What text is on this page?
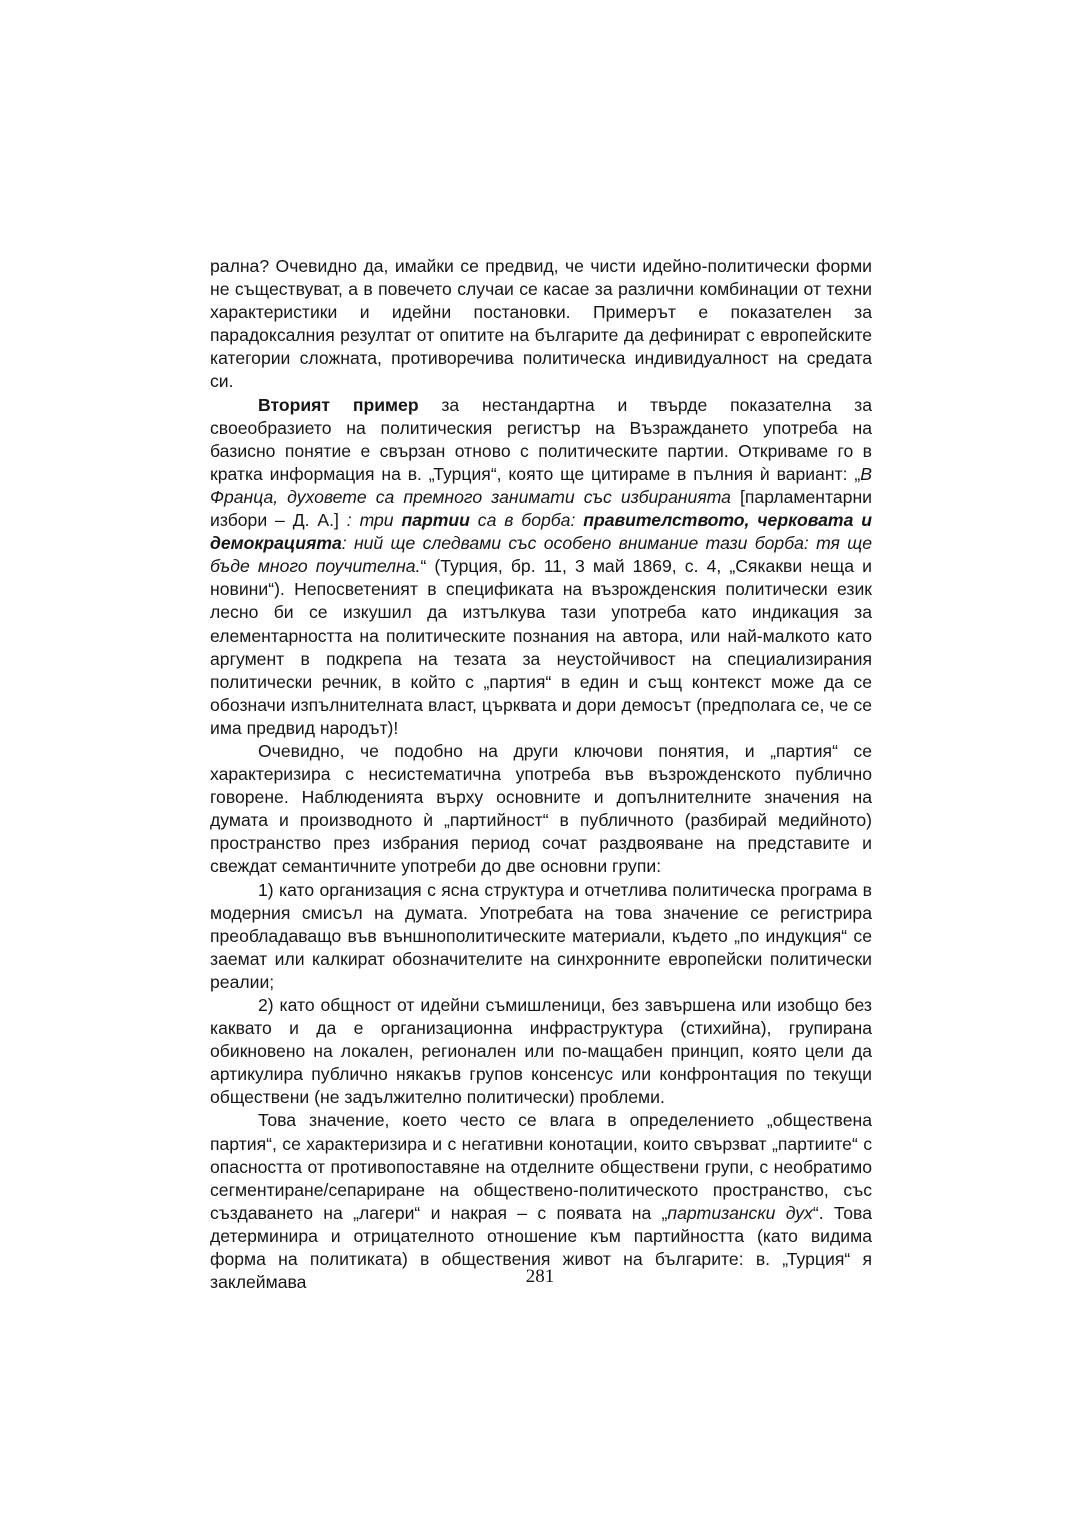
рална? Очевидно да, имайки се предвид, че чисти идейно-политически форми не съществуват, а в повечето случаи се касае за различни комбинации от техни характеристики и идейни постановки. Примерът е показателен за парадоксалния резултат от опитите на българите да дефинират с европейските категории сложната, противоречива политическа индивидуалност на средата си.

Вторият пример за нестандартна и твърде показателна за своеобразието на политическия регистър на Възраждането употреба на базисно понятие е свързан отново с политическите партии. Откриваме го в кратка информация на в. „Турция“, която ще цитираме в пълния ѝ вариант: „В Франца, духовете са премного занимати със избиранията [парламентарни избори – Д. А.] : три партии са в борба: правителството, черковата и демокрацията: ний ще следвами със особено внимание тази борба: тя ще бъде много поучителна.“ (Турция, бр. 11, 3 май 1869, с. 4, „Сякакви неща и новини“). Непосветеният в спецификата на възрожденския политически език лесно би се изкушил да изтълкува тази употреба като индикация за елементарността на политическите познания на автора, или най-малкото като аргумент в подкрепа на тезата за неустойчивост на специализирания политически речник, в който с „партия“ в един и същ контекст може да се обозначи изпълнителната власт, църквата и дори демосът (предполага се, че се има предвид народът)!

Очевидно, че подобно на други ключови понятия, и „партия“ се характеризира с несистематична употреба във възрожденското публично говорене. Наблюденията върху основните и допълнителните значения на думата и производното ѝ „партийност“ в публичното (разбирай медийното) пространство през избрания период сочат раздвояване на представите и свеждат семантичните употреби до две основни групи:

1) като организация с ясна структура и отчетлива политическа програма в модерния смисъл на думата. Употребата на това значение се регистрира преобладаващо във външнополитическите материали, където „по индукция“ се заемат или калкират обозначителите на синхронните европейски политически реалии;

2) като общност от идейни съмишленици, без завършена или изобщо без каквато и да е организационна инфраструктура (стихийна), групирана обикновено на локален, регионален или по-мащабен принцип, която цели да артикулира публично някакъв групов консенсус или конфронтация по текущи обществени (не задължително политически) проблеми.

Това значение, което често се влага в определението „обществена партия“, се характеризира и с негативни конотации, които свързват „партиите“ с опасността от противопоставяне на отделните обществени групи, с необратимо сегментиране/сепариране на обществено-политическото пространство, със създаването на „лагери“ и накрая – с появата на „партизански дух“. Това детерминира и отрицателното отношение към партийността (като видима форма на политиката) в обществения живот на българите: в. „Турция“ я заклеймава	281
